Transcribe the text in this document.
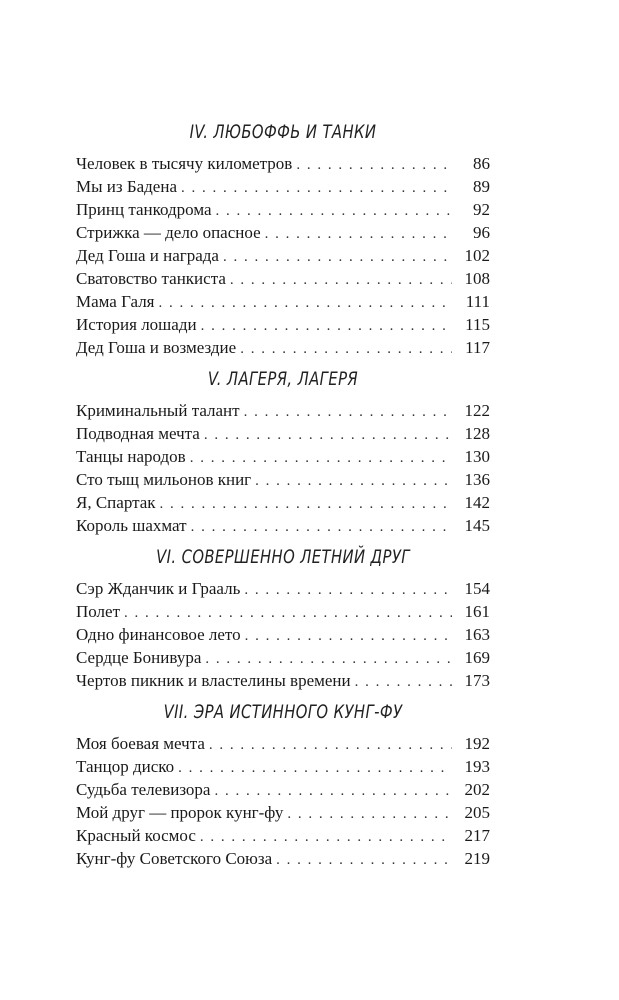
IV. ЛЮБОФФЬ И ТАНКИ
Человек в тысячу километров . . .	86
Мы из Бадена . . .	89
Принц танкодрома . . .	92
Стрижка — дело опасное . . .	96
Дед Гоша и награда . . .	102
Сватовство танкиста . . .	108
Мама Галя . . .	111
История лошади . . .	115
Дед Гоша и возмездие . . .	117
V. ЛАГЕРЯ, ЛАГЕРЯ
Криминальный талант . . .	122
Подводная мечта . . .	128
Танцы народов . . .	130
Сто тыщ мильонов книг . . .	136
Я, Спартак . . .	142
Король шахмат . . .	145
VI. СОВЕРШЕННО ЛЕТНИЙ ДРУГ
Сэр Жданчик и Грааль . . .	154
Полет . . .	161
Одно финансовое лето . . .	163
Сердце Бонивура . . .	169
Чертов пикник и властелины времени . . .	173
VII. ЭРА ИСТИННОГО КУНГ-ФУ
Моя боевая мечта . . .	192
Танцор диско . . .	193
Судьба телевизора . . .	202
Мой друг — пророк кунг-фу . . .	205
Красный космос . . .	217
Кунг-фу Советского Союза . . .	219
